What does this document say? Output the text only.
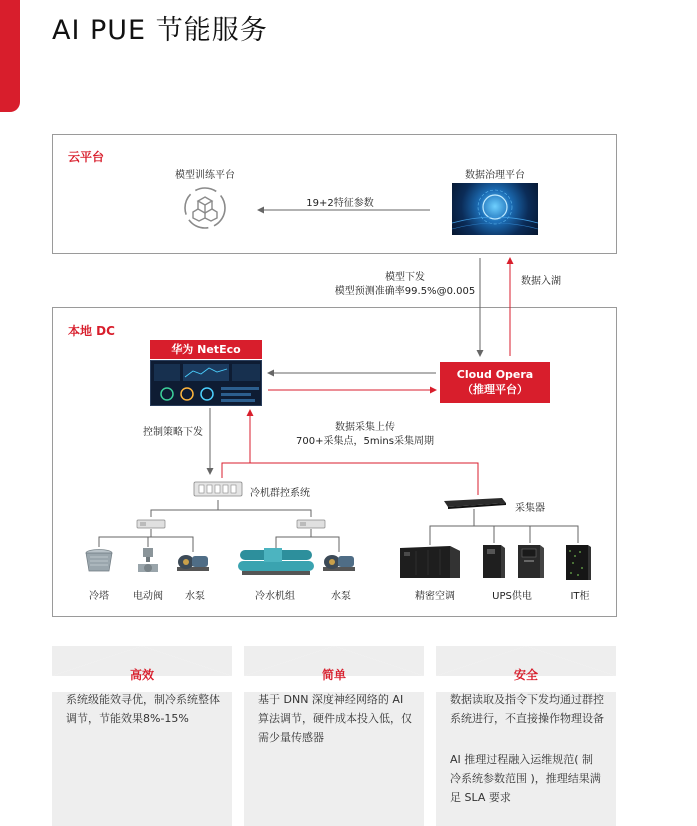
AI PUE 节能服务
云平台
模型训练平台	数据治理平台
19+2特征参数
本地 DC
华为 NetEco
Cloud Opera
（推理平台）
模型下发
模型预测准确率99.5%@0.005
数据入湖
数据采集上传
700+采集点，5mins采集周期
控制策略下发
冷机群控系统
采集器
冷塔	电动阀	水泵	冷水机组	水泵	精密空调	UPS供电	IT柜
高效
系统级能效寻优，制冷系统整体调节，节能效果8%-15%
简单
基于 DNN 深度神经网络的 AI 算法调节，硬件成本投入低，仅需少量传感器
安全
数据读取及指令下发均通过群控系统进行，不直接操作物理设备
AI 推理过程融入运维规范( 制冷系统参数范围 )，推理结果满足 SLA 要求
